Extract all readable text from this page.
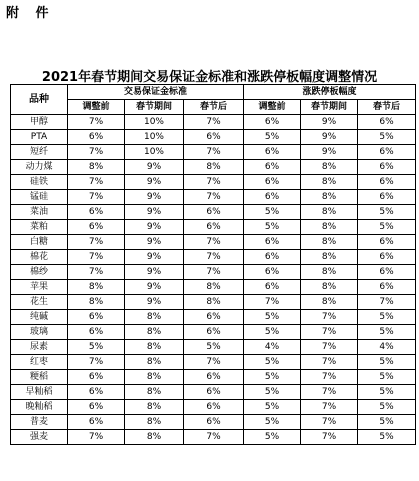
附 件
2021年春节期间交易保证金标准和涨跌停板幅度调整情况
品种	交易保证金标准			涨跌停板幅度		
	调整前	春节期间	春节后	调整前	春节期间	春节后
甲醇	7%	10%	7%	6%	9%	6%
PTA	6%	10%	6%	5%	9%	5%
短纤	7%	10%	7%	6%	9%	6%
动力煤	8%	9%	8%	6%	8%	6%
硅铁	7%	9%	7%	6%	8%	6%
锰硅	7%	9%	7%	6%	8%	6%
菜油	6%	9%	6%	5%	8%	5%
菜粕	6%	9%	6%	5%	8%	5%
白糖	7%	9%	7%	6%	8%	6%
棉花	7%	9%	7%	6%	8%	6%
棉纱	7%	9%	7%	6%	8%	6%
苹果	8%	9%	8%	6%	8%	6%
花生	8%	9%	8%	7%	8%	7%
纯碱	6%	8%	6%	5%	7%	5%
玻璃	6%	8%	6%	5%	7%	5%
尿素	5%	8%	5%	4%	7%	4%
红枣	7%	8%	7%	5%	7%	5%
粳稻	6%	8%	6%	5%	7%	5%
早籼稻	6%	8%	6%	5%	7%	5%
晚籼稻	6%	8%	6%	5%	7%	5%
普麦	6%	8%	6%	5%	7%	5%
强麦	7%	8%	7%	5%	7%	5%
